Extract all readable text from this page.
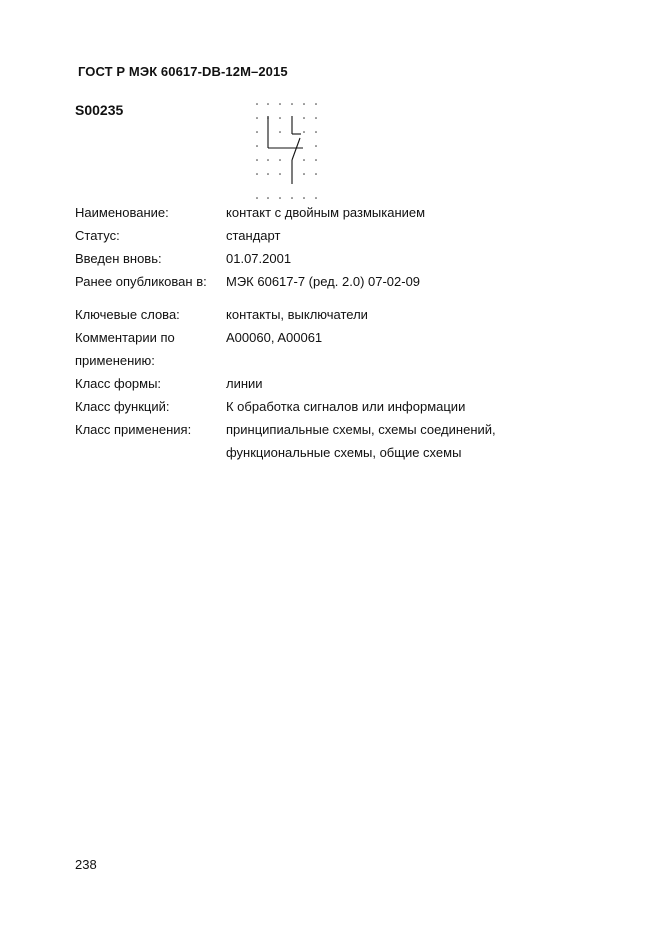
ГОСТ Р МЭК 60617-DB-12M–2015
S00235
Наименование:	контакт с двойным размыканием
Статус:	стандарт
Введен вновь:	01.07.2001
Ранее опубликован в:	МЭК 60617-7 (ред. 2.0) 07-02-09
Ключевые слова:	контакты, выключатели
Комментарии по применению:
A00060, A00061
Класс формы:	линии
Класс функций:	К обработка сигналов или информации
Класс применения:	принципиальные схемы, схемы соединений, функциональные схемы, общие схемы
238
